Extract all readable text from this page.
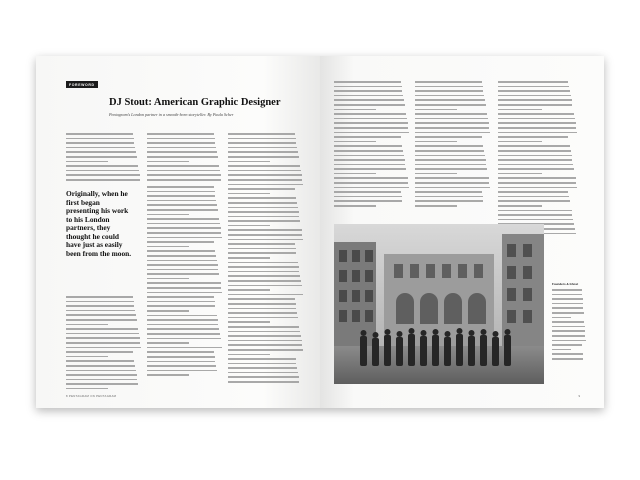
FOREWORD
DJ Stout: American Graphic Designer
Pentagram's London partner in a smooth-born storyteller. By Paula Scher
Originally, when he first began presenting his work to his London partners, they thought he could have just as easily been from the moon.
8 PENTAGRAM ON PENTAGRAM
Founders & Ghost
9
